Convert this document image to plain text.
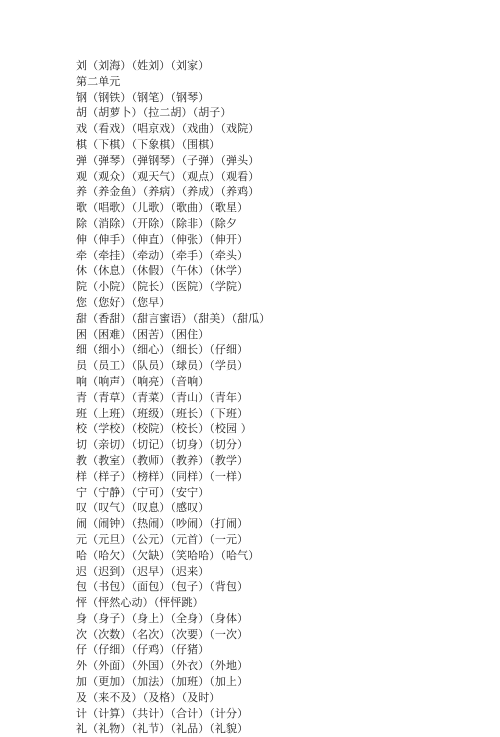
刘（刘海）（姓刘）（刘家）
第二单元
钢（钢铁）（钢笔）（钢琴）
胡（胡萝卜）（拉二胡）（胡子）
戏（看戏）（唱京戏）（戏曲）（戏院）
棋（下棋）（下象棋）（围棋）
弹（弹琴）（弹钢琴）（子弹）（弹头）
观（观众）（观天气）（观点）（观看）
养（养金鱼）（养病）（养成）（养鸡）
歌（唱歌）（儿歌）（歌曲）（歌星）
除（消除）（开除）（除非）（除夕
伸（伸手）（伸直）（伸张）（伸开）
牵（牵挂）（牵动）（牵手）（牵头）
休（休息）（休假）（午休）（休学）
院（小院）（院长）（医院）（学院）
您（您好）（您早）
甜（香甜）（甜言蜜语）（甜美）（甜瓜）
困（困难）（困苦）（困住）
细（细小）（细心）（细长）（仔细）
员（员工）（队员）（球员）（学员）
响（响声）（响亮）（音响）
青（青草）（青菜）（青山）（青年）
班（上班）（班级）（班长）（下班）
校（学校）（校院）（校长）（校园 ）
切（亲切）（切记）（切身）（切分）
教（教室）（教师）（教养）（教学）
样（样子）（榜样）（同样）（一样）
宁（宁静）（宁可）（安宁）
叹（叹气）（叹息）（感叹）
闹（闹钟）（热闹）（吵闹）（打闹）
元（元旦）（公元）（元首）（一元）
哈（哈欠）（欠缺）（笑哈哈）（哈气）
迟（迟到）（迟早）（迟来）
包（书包）（面包）（包子）（背包）
怦（怦然心动）（怦怦跳）
身（身子）（身上）（全身）（身体）
次（次数）（名次）（次要）（一次）
仔（仔细）（仔鸡）（仔猪）
外（外面）（外国）（外衣）（外地）
加（更加）（加法）（加班）（加上）
及（来不及）（及格）（及时）
计（计算）（共计）（合计）（计分）
礼（礼物）（礼节）（礼品）（礼貌）
